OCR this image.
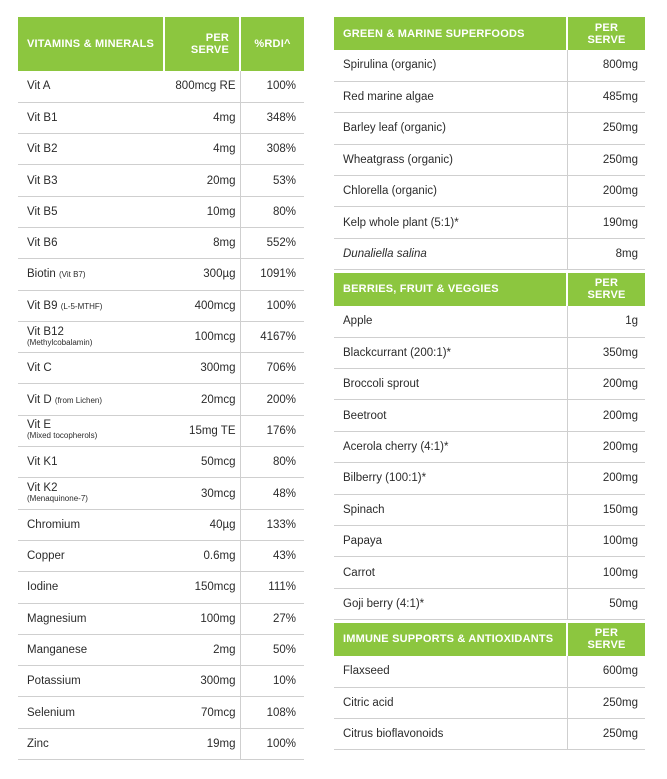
VITAMINS & MINERALS	PER SERVE	%RDI^
Vit A	800mcg RE	100%
Vit B1	4mg	348%
Vit B2	4mg	308%
Vit B3	20mg	53%
Vit B5	10mg	80%
Vit B6	8mg	552%
Biotin (Vit B7)	300µg	1091%
Vit B9 (L-5-MTHF)	400mcg	100%
Vit B12
(Methylcobalamin)	100mcg	4167%
Vit C	300mg	706%
Vit D (from Lichen)	20mcg	200%
Vit E
(Mixed tocopherols)	15mg TE	176%
Vit K1	50mcg	80%
Vit K2
(Menaquinone-7)	30mcg	48%
Chromium	40µg	133%
Copper	0.6mg	43%
Iodine	150mcg	111%
Magnesium	100mg	27%
Manganese	2mg	50%
Potassium	300mg	10%
Selenium	70mcg	108%
Zinc	19mg	100%
GREEN & MARINE SUPERFOODS	PER SERVE
Spirulina (organic)	800mg
Red marine algae	485mg
Barley leaf (organic)	250mg
Wheatgrass (organic)	250mg
Chlorella (organic)	200mg
Kelp whole plant (5:1)*	190mg
Dunaliella salina	8mg

BERRIES, FRUIT & VEGGIES	PER SERVE
Apple	1g
Blackcurrant (200:1)*	350mg
Broccoli sprout	200mg
Beetroot	200mg
Acerola cherry (4:1)*	200mg
Bilberry (100:1)*	200mg
Spinach	150mg
Papaya	100mg
Carrot	100mg
Goji berry (4:1)*	50mg

IMMUNE SUPPORTS & ANTIOXIDANTS	PER SERVE
Flaxseed	600mg
Citric acid	250mg
Citrus bioflavonoids	250mg
